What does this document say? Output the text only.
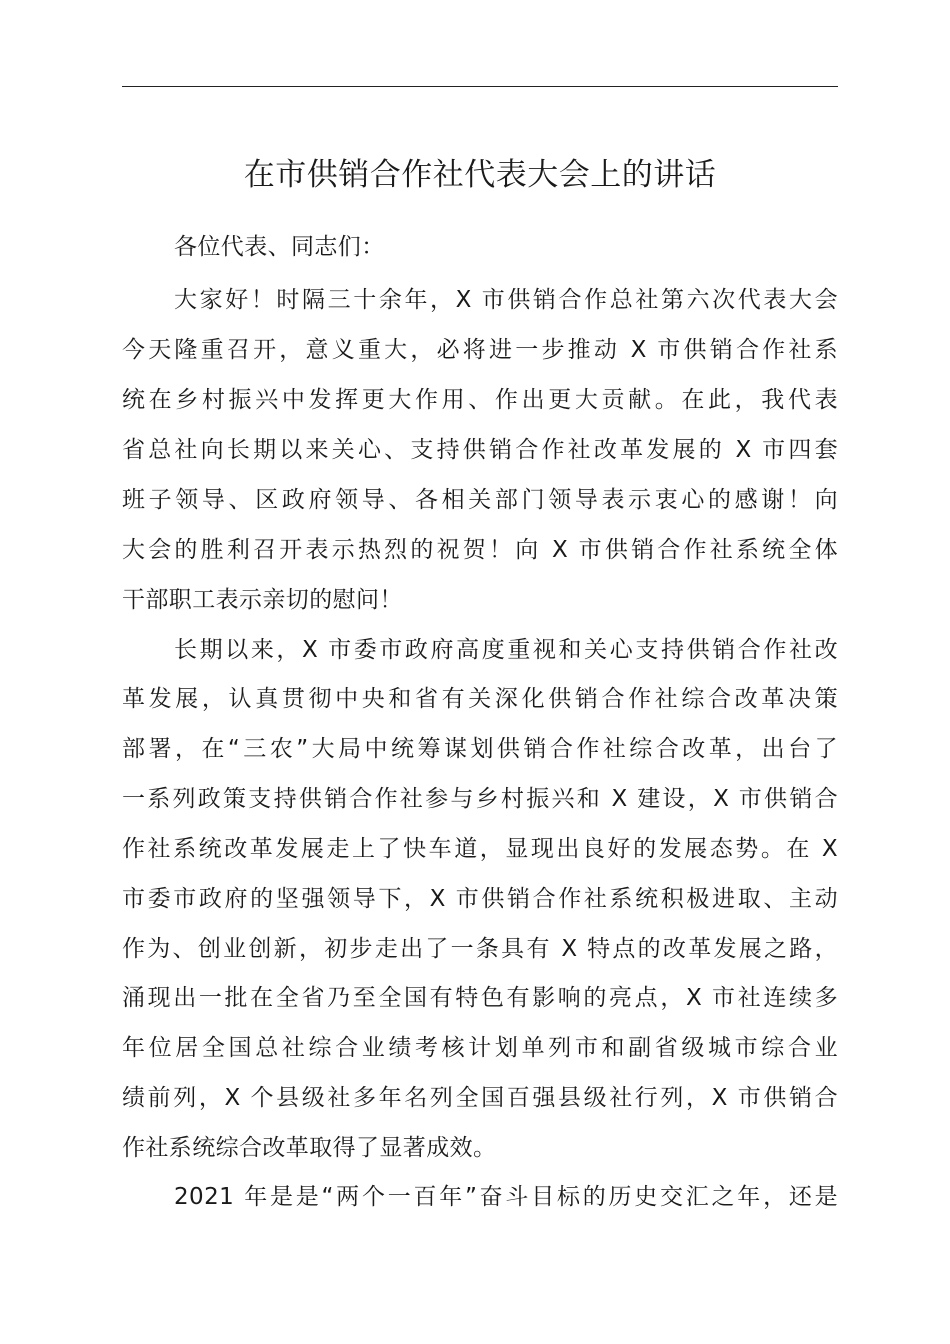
在市供销合作社代表大会上的讲话
各位代表、同志们：
大家好！时隔三十余年，X 市供销合作总社第六次代表大会
今天隆重召开，意义重大，必将进一步推动 X 市供销合作社系
统在乡村振兴中发挥更大作用、作出更大贡献。在此，我代表
省总社向长期以来关心、支持供销合作社改革发展的 X 市四套
班子领导、区政府领导、各相关部门领导表示衷心的感谢！向
大会的胜利召开表示热烈的祝贺！向 X 市供销合作社系统全体
干部职工表示亲切的慰问！
长期以来，X 市委市政府高度重视和关心支持供销合作社改
革发展，认真贯彻中央和省有关深化供销合作社综合改革决策
部署，在“三农”大局中统筹谋划供销合作社综合改革，出台了
一系列政策支持供销合作社参与乡村振兴和 X 建设，X 市供销合
作社系统改革发展走上了快车道，显现出良好的发展态势。在 X
市委市政府的坚强领导下，X 市供销合作社系统积极进取、主动
作为、创业创新，初步走出了一条具有 X 特点的改革发展之路，
涌现出一批在全省乃至全国有特色有影响的亮点，X 市社连续多
年位居全国总社综合业绩考核计划单列市和副省级城市综合业
绩前列，X 个县级社多年名列全国百强县级社行列，X 市供销合
作社系统综合改革取得了显著成效。
2021 年是是“两个一百年”奋斗目标的历史交汇之年，还是
